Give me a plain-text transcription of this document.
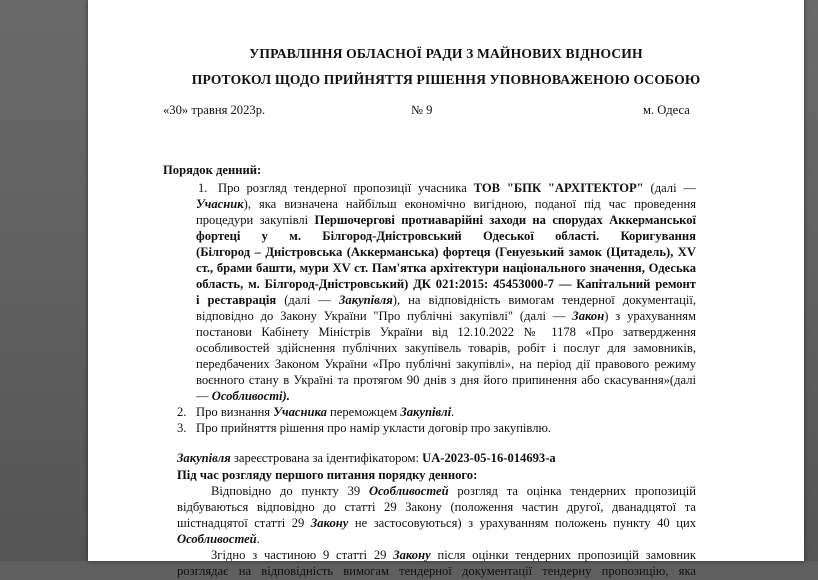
УПРАВЛІННЯ ОБЛАСНОЇ РАДИ З МАЙНОВИХ ВІДНОСИН
ПРОТОКОЛ ЩОДО ПРИЙНЯТТЯ РІШЕННЯ УПОВНОВАЖЕНОЮ ОСОБОЮ
«30» травня 2023р.	№ 9	м. Одеса
Порядок денний:
1. Про розгляд тендерної пропозиції учасника ТОВ "БПК "АРХІТЕКТОР" (далі —
Учасник), яка визначена найбільш економічно вигідною, поданої під час проведення
процедури закупівлі Першочергові протиаварійні заходи на спорудах Аккерманської
фортеці у м. Білгород-Дністровський Одеської області. Коригування
(Білгород – Дністровська (Аккерманська) фортеця (Генуезький замок (Цитадель), XV
ст., брами башти, мури XV ст. Пам'ятка архітектури національного значення, Одеська
область, м. Білгород-Дністровський) ДК 021:2015: 45453000-7 — Капітальний ремонт
і реставрація (далі — Закупівля), на відповідність вимогам тендерної документації,
відповідно до Закону України "Про публічні закупівлі" (далі — Закон) з урахуванням
постанови Кабінету Міністрів України від 12.10.2022 № 1178 «Про затвердження
особливостей здійснення публічних закупівель товарів, робіт і послуг для замовників,
передбачених Законом України «Про публічні закупівлі», на період дії правового режиму
воєнного стану в Україні та протягом 90 днів з дня його припинення або скасування»(далі
— Особливості).
2. Про визнання Учасника переможцем Закупівлі.
3. Про прийняття рішення про намір укласти договір про закупівлю.
Закупівля зареєстрована за ідентифікатором: UA-2023-05-16-014693-а
Під час розгляду першого питання порядку денного:
Відповідно до пункту 39 Особливостей розгляд та оцінка тендерних пропозицій
відбуваються відповідно до статті 29 Закону (положення частин другої, дванадцятої та
шістнадцятої статті 29 Закону не застосовуються) з урахуванням положень пункту 40 цих
Особливостей.
Згідно з частиною 9 статті 29 Закону після оцінки тендерних пропозицій замовник
розглядає на відповідність вимогам тендерної документації тендерну пропозицію, яка
